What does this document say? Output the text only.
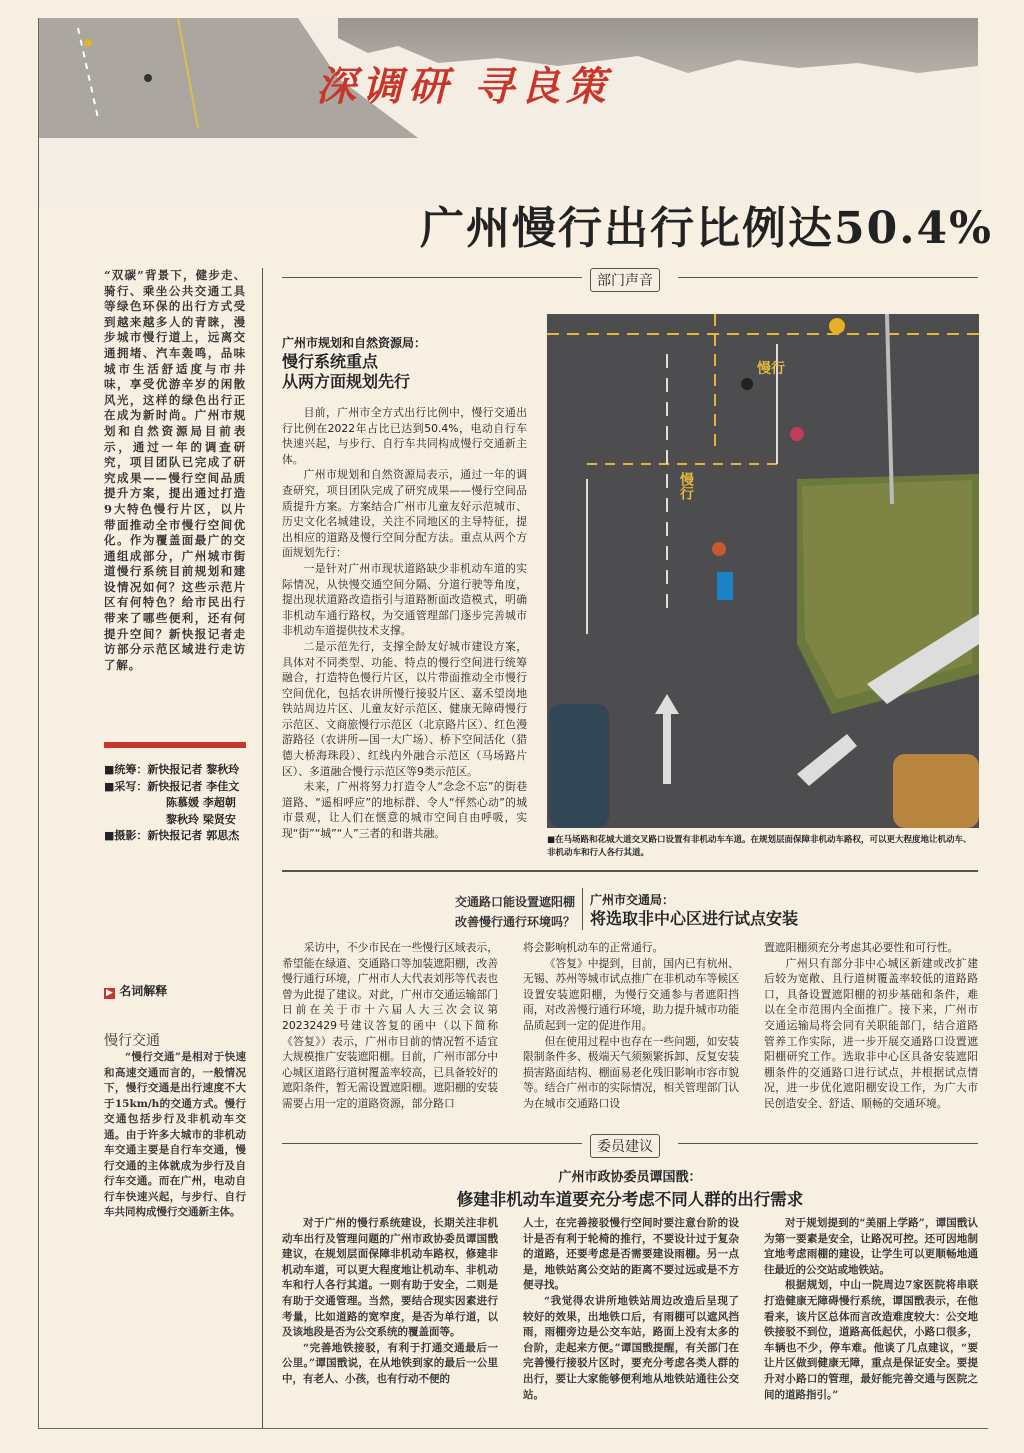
深调研 寻良策
广州慢行出行比例达50.4%
“双碳”背景下，健步走、骑行、乘坐公共交通工具等绿色环保的出行方式受到越来越多人的青睐，漫步城市慢行道上，远离交通拥堵、汽车轰鸣，品味城市生活舒适度与市井味，享受优游辛岁的闲散风光，这样的绿色出行正在成为新时尚。广州市规划和自然资源局目前表示，通过一年的调查研究，项目团队已完成了研究成果——慢行空间品质提升方案，提出通过打造9大特色慢行片区，以片带面推动全市慢行空间优化。作为覆盖面最广的交通组成部分，广州城市街道慢行系统目前规划和建设情况如何？这些示范片区有何特色？给市民出行带来了哪些便利，还有何提升空间？新快报记者走访部分示范区域进行走访了解。
■统筹：新快报记者 黎秋玲
■采写：新快报记者 李佳文
陈慕媛 李超朝
黎秋玲 梁贤安
■摄影：新快报记者 郭思杰
▶ 名词解释
慢行交通

“慢行交通”是相对于快速和高速交通而言的，一般情况下，慢行交通是出行速度不大于15km/h的交通方式。慢行交通包括步行及非机动车交通。由于许多大城市的非机动车交通主要是自行车交通，慢行交通的主体就成为步行及自行车交通。而在广州，电动自行车快速兴起，与步行、自行车共同构成慢行交通新主体。

部门声音
广州市规划和自然资源局：
慢行系统重点
从两方面规划先行

目前，广州市全方式出行比例中，慢行交通出行比例在2022年占比已达到50.4%，电动自行车快速兴起，与步行、自行车共同构成慢行交通新主体。

广州市规划和自然资源局表示，通过一年的调查研究，项目团队完成了研究成果——慢行空间品质提升方案。方案结合广州市儿童友好示范城市、历史文化名城建设，关注不同地区的主导特征，提出相应的道路及慢行空间分配方法。重点从两个方面规划先行：

一是针对广州市现状道路缺少非机动车道的实际情况，从快慢交通空间分隔、分道行驶等角度，提出现状道路改造指引与道路断面改造模式，明确非机动车通行路权，为交通管理部门逐步完善城市非机动车道提供技术支撑。

二是示范先行，支撑全龄友好城市建设方案，具体对不同类型、功能、特点的慢行空间进行统筹融合，打造特色慢行片区，以片带面推动全市慢行空间优化，包括农讲所慢行接驳片区、嘉禾望岗地铁站周边片区、儿童友好示范区、健康无障碍慢行示范区、文商旅慢行示范区（北京路片区）、红色漫游路径（农讲所—国一大广场）、桥下空间活化（猎德大桥海珠段）、红线内外融合示范区（马场路片区）、多道融合慢行示范区等9类示范区。

未来，广州将努力打造令人“念念不忘”的街巷道路、“遥相呼应”的地标群、令人“怦然心动”的城市景观，让人们在惬意的城市空间自由呼吸，实现“街”“城”“人”三者的和谐共融。

慢行
慢行
■在马场路和花城大道交叉路口设置有非机动车车道。在规划层面保障非机动车路权，可以更大程度地让机动车、非机动车和行人各行其道。
交通路口能设置遮阳棚
改善慢行通行环境吗？
广州市交通局：
将选取非中心区进行试点安装

采访中，不少市民在一些慢行区域表示，希望能在绿道、交通路口等加装遮阳棚，改善慢行通行环境，广州市人大代表刘彤等代表也曾为此提了建议。对此，广州市交通运输部门日前在关于市十六届人大三次会议第20232429号建议答复的函中（以下简称《答复》）表示，广州市目前的情况暂不适宜大规模推广安装遮阳棚。目前，广州市部分中心城区道路行道树覆盖率较高，已具备较好的遮阳条件，暂无需设置遮阳棚。遮阳棚的安装需要占用一定的道路资源，部分路口

将会影响机动车的正常通行。

《答复》中提到，目前，国内已有杭州、无锡、苏州等城市试点推广在非机动车等候区设置安装遮阳棚，为慢行交通参与者遮阳挡雨，对改善慢行通行环境，助力提升城市功能品质起到一定的促进作用。

但在使用过程中也存在一些问题，如安装限制条件多、极端天气须频繁拆卸、反复安装损害路面结构、棚面易老化残旧影响市容市貌等。结合广州市的实际情况，相关管理部门认为在城市交通路口设

置遮阳棚须充分考虑其必要性和可行性。

广州只有部分非中心城区新建或改扩建后较为宽敞、且行道树覆盖率较低的道路路口，具备设置遮阳棚的初步基础和条件，难以在全市范围内全面推广。接下来，广州市交通运输局将会同有关职能部门，结合道路管养工作实际，进一步开展交通路口设置遮阳棚研究工作。选取非中心区具备安装遮阳棚条件的交通路口进行试点，并根据试点情况，进一步优化遮阳棚安设工作，为广大市民创造安全、舒适、顺畅的交通环境。

委员建议
广州市政协委员谭国戬：
修建非机动车道要充分考虑不同人群的出行需求

对于广州的慢行系统建设，长期关注非机动车出行及管理问题的广州市政协委员谭国戬建议，在规划层面保障非机动车路权，修建非机动车道，可以更大程度地让机动车、非机动车和行人各行其道。一则有助于安全，二则是有助于交通管理。当然，要结合现实因素进行考量，比如道路的宽窄度，是否为单行道，以及该地段是否为公交系统的覆盖面等。

“完善地铁接驳，有利于打通交通最后一公里。”谭国戬说，在从地铁到家的最后一公里中，有老人、小孩，也有行动不便的

人士，在完善接驳慢行空间时要注意台阶的设计是否有利于轮椅的推行，不要设计过于复杂的道路，还要考虑是否需要建设雨棚。另一点是，地铁站离公交站的距离不要过远或是不方便寻找。

“我觉得农讲所地铁站周边改造后呈现了较好的效果，出地铁口后，有雨棚可以遮风挡雨，雨棚旁边是公交车站，路面上没有太多的台阶，走起来方便。”谭国戬提醒，有关部门在完善慢行接驳片区时，要充分考虑各类人群的出行，要让大家能够便利地从地铁站通往公交站。

对于规划提到的“美丽上学路”，谭国戬认为第一要素是安全，让路况可控。还可因地制宜地考虑雨棚的建设，让学生可以更顺畅地通往最近的公交站或地铁站。

根据规划，中山一院周边7家医院将串联打造健康无障碍慢行系统，谭国戬表示，在他看来，该片区总体而言改造难度较大：公交地铁接驳不到位，道路高低起伏，小路口很多，车辆也不少，停车难。他谈了几点建议，“要让片区做到健康无障，重点是保证安全。要提升对小路口的管理，最好能完善交通与医院之间的道路指引。”
